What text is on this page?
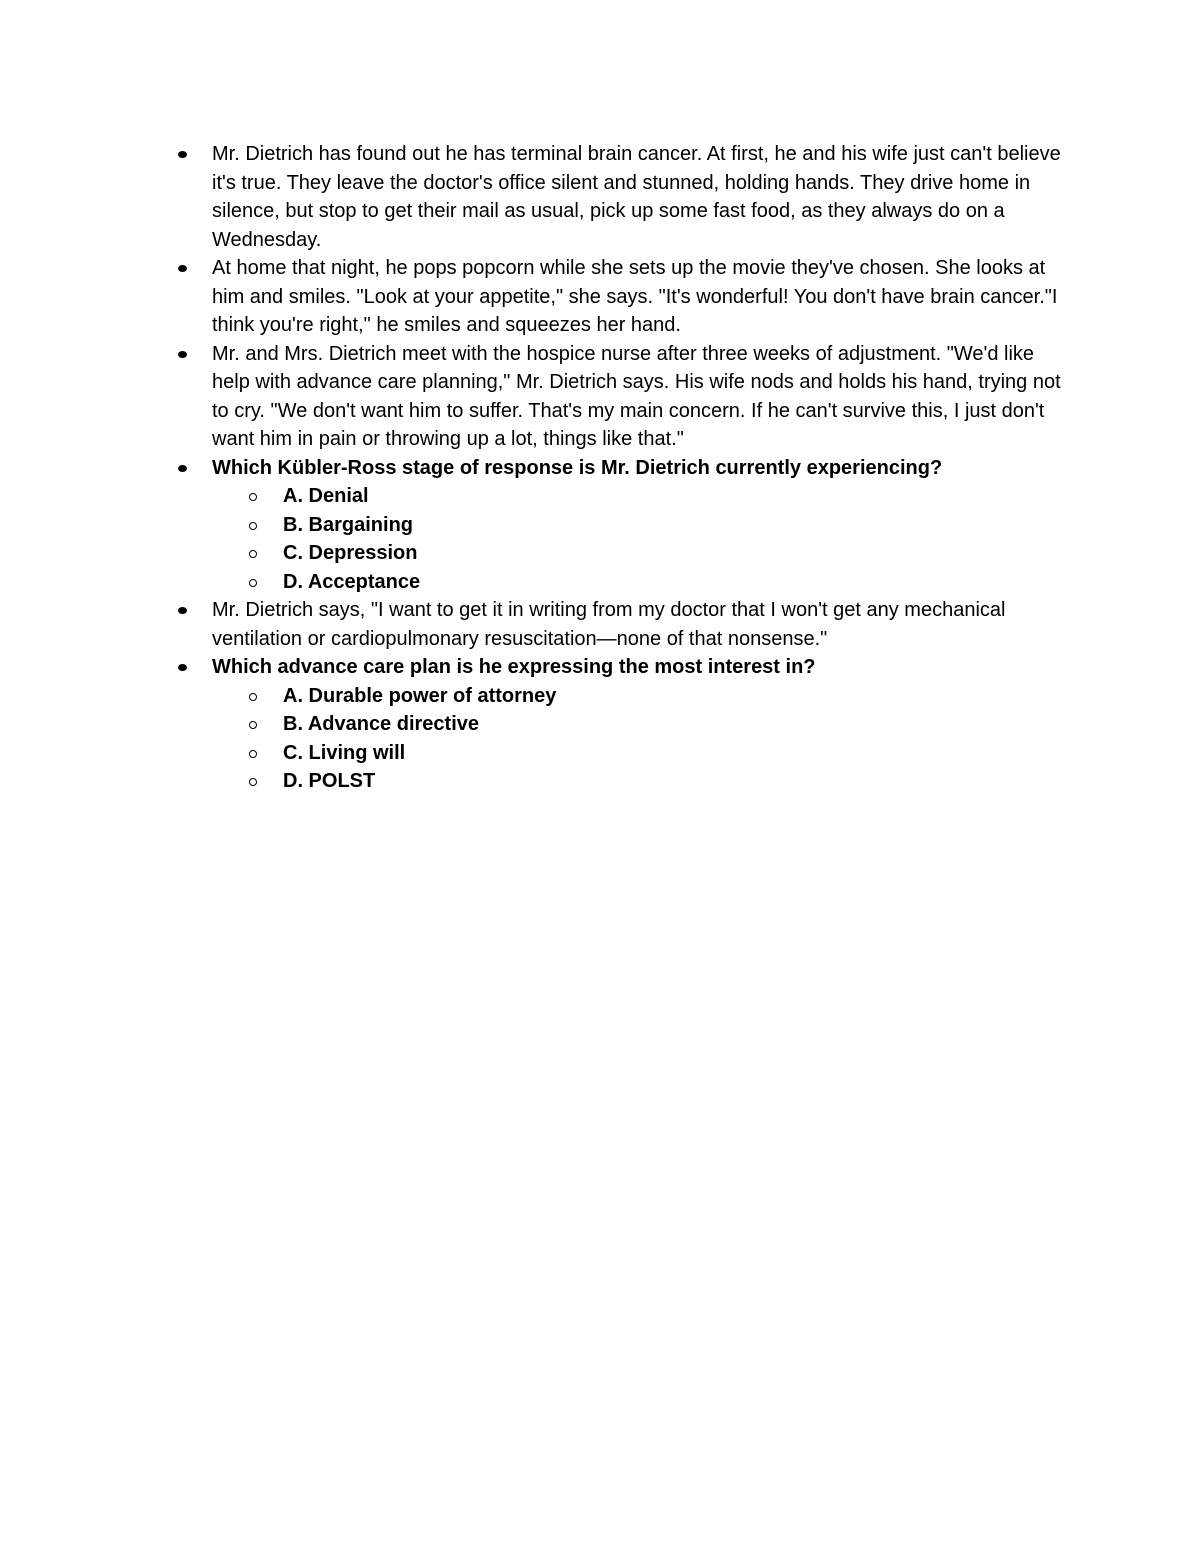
Mr. Dietrich has found out he has terminal brain cancer. At first, he and his wife just can't believe it's true. They leave the doctor's office silent and stunned, holding hands. They drive home in silence, but stop to get their mail as usual, pick up some fast food, as they always do on a Wednesday.
At home that night, he pops popcorn while she sets up the movie they've chosen. She looks at him and smiles. "Look at your appetite," she says. "It's wonderful! You don't have brain cancer."I think you're right," he smiles and squeezes her hand.
Mr. and Mrs. Dietrich meet with the hospice nurse after three weeks of adjustment. "We'd like help with advance care planning," Mr. Dietrich says. His wife nods and holds his hand, trying not to cry. "We don't want him to suffer. That's my main concern. If he can't survive this, I just don't want him in pain or throwing up a lot, things like that."
Which Kübler-Ross stage of response is Mr. Dietrich currently experiencing?
A. Denial
B. Bargaining
C. Depression
D. Acceptance
Mr. Dietrich says, "I want to get it in writing from my doctor that I won't get any mechanical ventilation or cardiopulmonary resuscitation—none of that nonsense."
Which advance care plan is he expressing the most interest in?
A. Durable power of attorney
B. Advance directive
C. Living will
D. POLST
